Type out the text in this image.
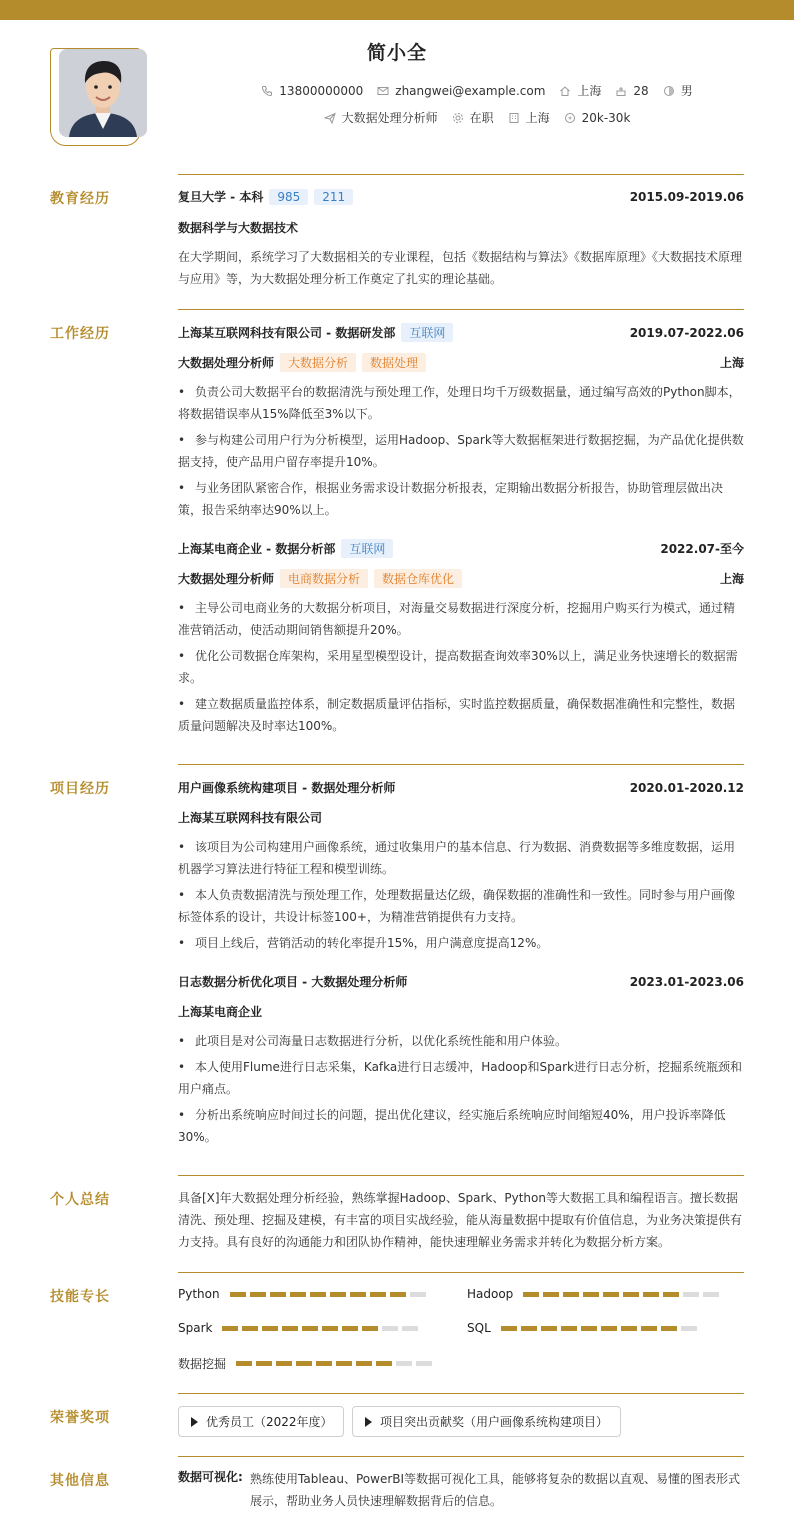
简小全
13800000000	zhangwei@example.com	上海	28	男
大数据处理分析师	在职	上海	20k-30k
教育经历	复旦大学 - 本科	985	211	2015.09-2019.06
数据科学与大数据技术
在大学期间，系统学习了大数据相关的专业课程，包括《数据结构与算法》《数据库原理》《大数据技术原理与应用》等，为大数据处理分析工作奠定了扎实的理论基础。
工作经历	上海某互联网科技有限公司 - 数据研发部	互联网	2019.07-2022.06
大数据处理分析师	大数据分析	数据处理	上海
• 负责公司大数据平台的数据清洗与预处理工作，处理日均千万级数据量，通过编写高效的Python脚本，将数据错误率从15%降低至3%以下。
• 参与构建公司用户行为分析模型，运用Hadoop、Spark等大数据框架进行数据挖掘，为产品优化提供数据支持，使产品用户留存率提升10%。
• 与业务团队紧密合作，根据业务需求设计数据分析报表，定期输出数据分析报告，协助管理层做出决策，报告采纳率达90%以上。
上海某电商企业 - 数据分析部	互联网	2022.07-至今
大数据处理分析师	电商数据分析	数据仓库优化	上海
• 主导公司电商业务的大数据分析项目，对海量交易数据进行深度分析，挖掘用户购买行为模式，通过精准营销活动，使活动期间销售额提升20%。
• 优化公司数据仓库架构，采用星型模型设计，提高数据查询效率30%以上，满足业务快速增长的数据需求。
• 建立数据质量监控体系，制定数据质量评估指标，实时监控数据质量，确保数据准确性和完整性，数据质量问题解决及时率达100%。
项目经历	用户画像系统构建项目 - 数据处理分析师	2020.01-2020.12
上海某互联网科技有限公司
• 该项目为公司构建用户画像系统，通过收集用户的基本信息、行为数据、消费数据等多维度数据，运用机器学习算法进行特征工程和模型训练。
• 本人负责数据清洗与预处理工作，处理数据量达亿级，确保数据的准确性和一致性。同时参与用户画像标签体系的设计，共设计标签100+，为精准营销提供有力支持。
• 项目上线后，营销活动的转化率提升15%，用户满意度提高12%。
日志数据分析优化项目 - 大数据处理分析师	2023.01-2023.06
上海某电商企业
• 此项目是对公司海量日志数据进行分析，以优化系统性能和用户体验。
• 本人使用Flume进行日志采集，Kafka进行日志缓冲，Hadoop和Spark进行日志分析，挖掘系统瓶颈和用户痛点。
• 分析出系统响应时间过长的问题，提出优化建议，经实施后系统响应时间缩短40%，用户投诉率降低30%。
个人总结	具备[X]年大数据处理分析经验，熟练掌握Hadoop、Spark、Python等大数据工具和编程语言。擅长数据清洗、预处理、挖掘及建模，有丰富的项目实战经验，能从海量数据中提取有价值信息，为业务决策提供有力支持。具有良好的沟通能力和团队协作精神，能快速理解业务需求并转化为数据分析方案。
技能专长	Python	Hadoop
Spark	SQL
数据挖掘
荣誉奖项	优秀员工（2022年度）	项目突出贡献奖（用户画像系统构建项目）
其他信息	数据可视化: 熟练使用Tableau、PowerBI等数据可视化工具，能够将复杂的数据以直观、易懂的图表形式展示，帮助业务人员快速理解数据背后的信息。
